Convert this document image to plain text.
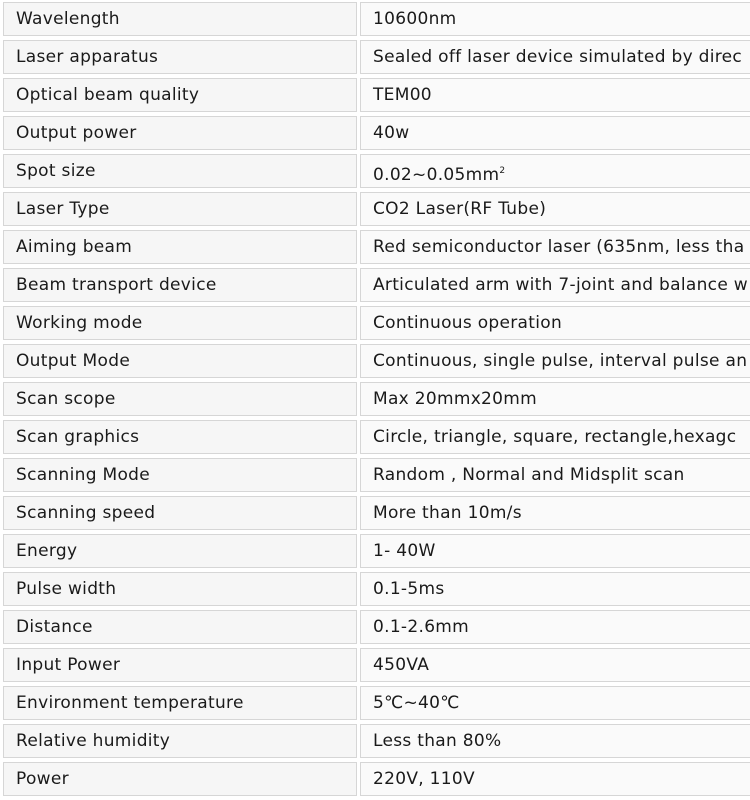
Wavelength	10600nm

Laser apparatus	Sealed off laser device simulated by direc

Optical beam quality	TEM00

Output power	40w

Spot size	$0.02\sim 0.05mm^2$

Laser Type	CO2 Laser(RF Tube)

Aiming beam	Red semiconductor laser (635nm, less tha

Beam transport device	Articulated arm with 7-joint and balance w

Working mode	Continuous operation

Output Mode	Continuous, single pulse, interval pulse an

Scan scope	Max 20mmx20mm

Scan graphics	Circle, triangle, square, rectangle,hexagc

Scanning Mode	Random , Normal and Midsplit scan

Scanning speed	More than 10m/s

Energy	1- 40W

Pulse width	0.1-5ms

Distance	0.1-2.6mm

Input Power	450VA

Environment temperature	5℃~40℃

Relative humidity	Less than 80%

Power	220V, 110V
